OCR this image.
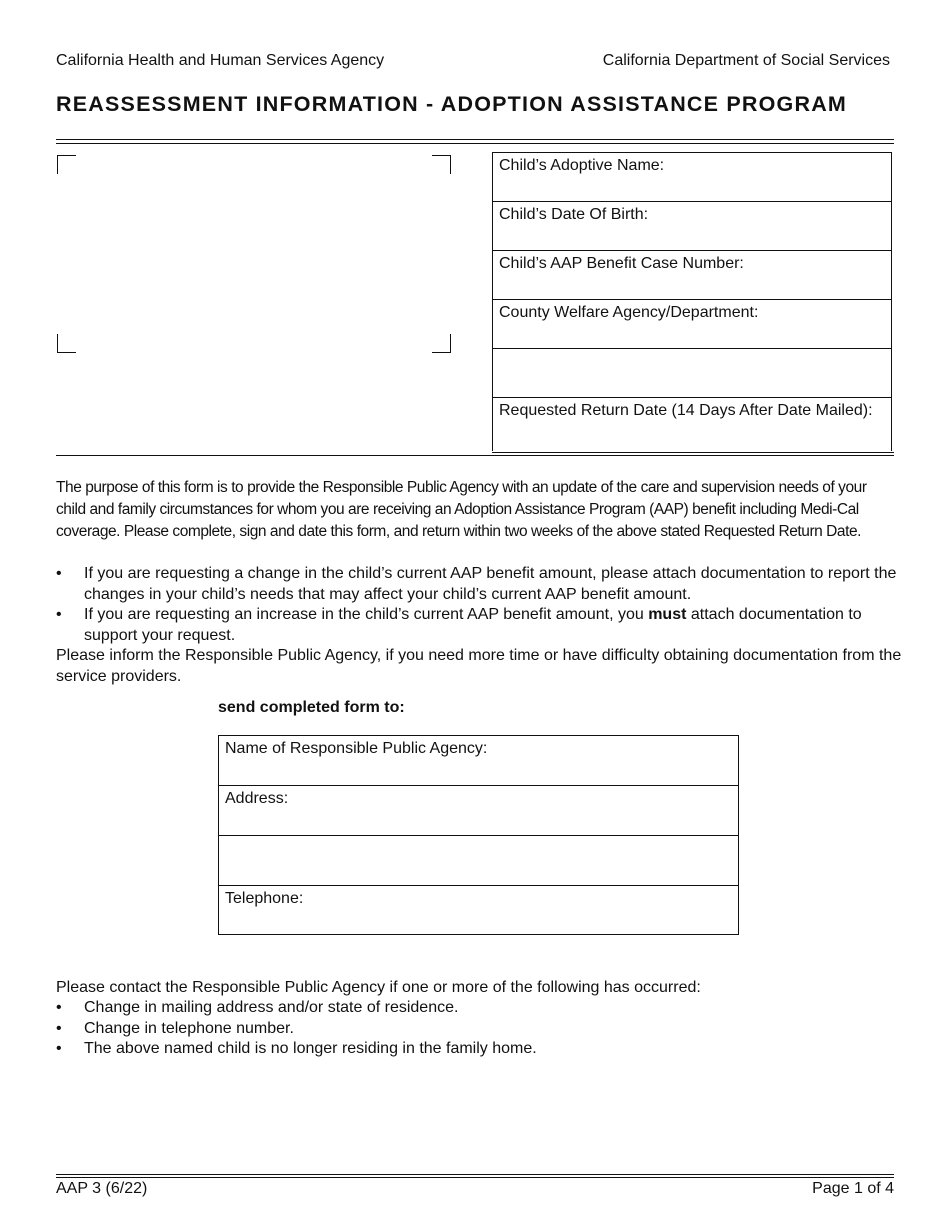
California Health and Human Services Agency	California Department of Social Services
REASSESSMENT INFORMATION - ADOPTION ASSISTANCE PROGRAM
Child’s Adoptive Name:
Child’s Date Of Birth:
Child’s AAP Benefit Case Number:
County Welfare Agency/Department:
Requested Return Date (14 Days After Date Mailed):
The purpose of this form is to provide the Responsible Public Agency with an update of the care and supervision needs of your child and family circumstances for whom you are receiving an Adoption Assistance Program (AAP) benefit including Medi-Cal coverage. Please complete, sign and date this form, and return within two weeks of the above stated Requested Return Date.
•	If you are requesting a change in the child’s current AAP benefit amount, please attach documentation to report the changes in your child’s needs that may affect your child’s current AAP benefit amount.
•	If you are requesting an increase in the child’s current AAP benefit amount, you must attach documentation to support your request.
Please inform the Responsible Public Agency, if you need more time or have difficulty obtaining documentation from the service providers.
send completed form to:
Name of Responsible Public Agency:
Address:
Telephone:
Please contact the Responsible Public Agency if one or more of the following has occurred:
•	Change in mailing address and/or state of residence.
•	Change in telephone number.
•	The above named child is no longer residing in the family home.
AAP 3 (6/22)	Page 1 of 4
